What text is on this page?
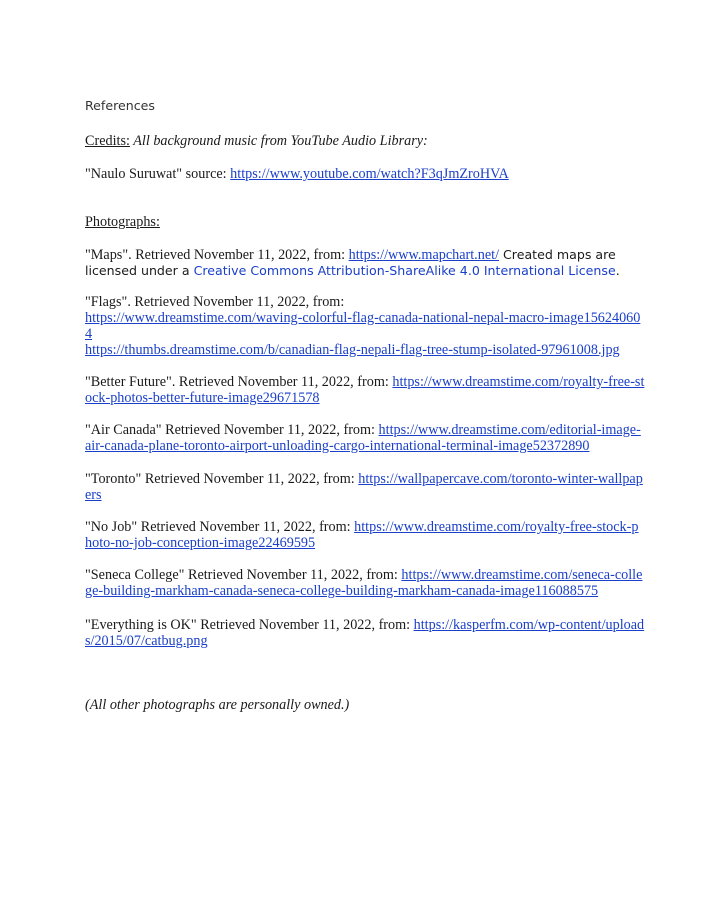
References

Credits: All background music from YouTube Audio Library:

"Naulo Suruwat" source: https://www.youtube.com/watch?F3qJmZroHVA

Photographs:

"Maps". Retrieved November 11, 2022, from: https://www.mapchart.net/ Created maps are licensed under a Creative Commons Attribution-ShareAlike 4.0 International License.

"Flags". Retrieved November 11, 2022, from:
https://www.dreamstime.com/waving-colorful-flag-canada-national-nepal-macro-image156240604
https://thumbs.dreamstime.com/b/canadian-flag-nepali-flag-tree-stump-isolated-97961008.jpg

"Better Future". Retrieved November 11, 2022, from: https://www.dreamstime.com/royalty-free-stock-photos-better-future-image29671578

"Air Canada" Retrieved November 11, 2022, from: https://www.dreamstime.com/editorial-image-air-canada-plane-toronto-airport-unloading-cargo-international-terminal-image52372890

"Toronto" Retrieved November 11, 2022, from: https://wallpapercave.com/toronto-winter-wallpapers

"No Job" Retrieved November 11, 2022, from: https://www.dreamstime.com/royalty-free-stock-photo-no-job-conception-image22469595

"Seneca College" Retrieved November 11, 2022, from: https://www.dreamstime.com/seneca-college-building-markham-canada-seneca-college-building-markham-canada-image116088575

"Everything is OK" Retrieved November 11, 2022, from: https://kasperfm.com/wp-content/uploads/2015/07/catbug.png

(All other photographs are personally owned.)
